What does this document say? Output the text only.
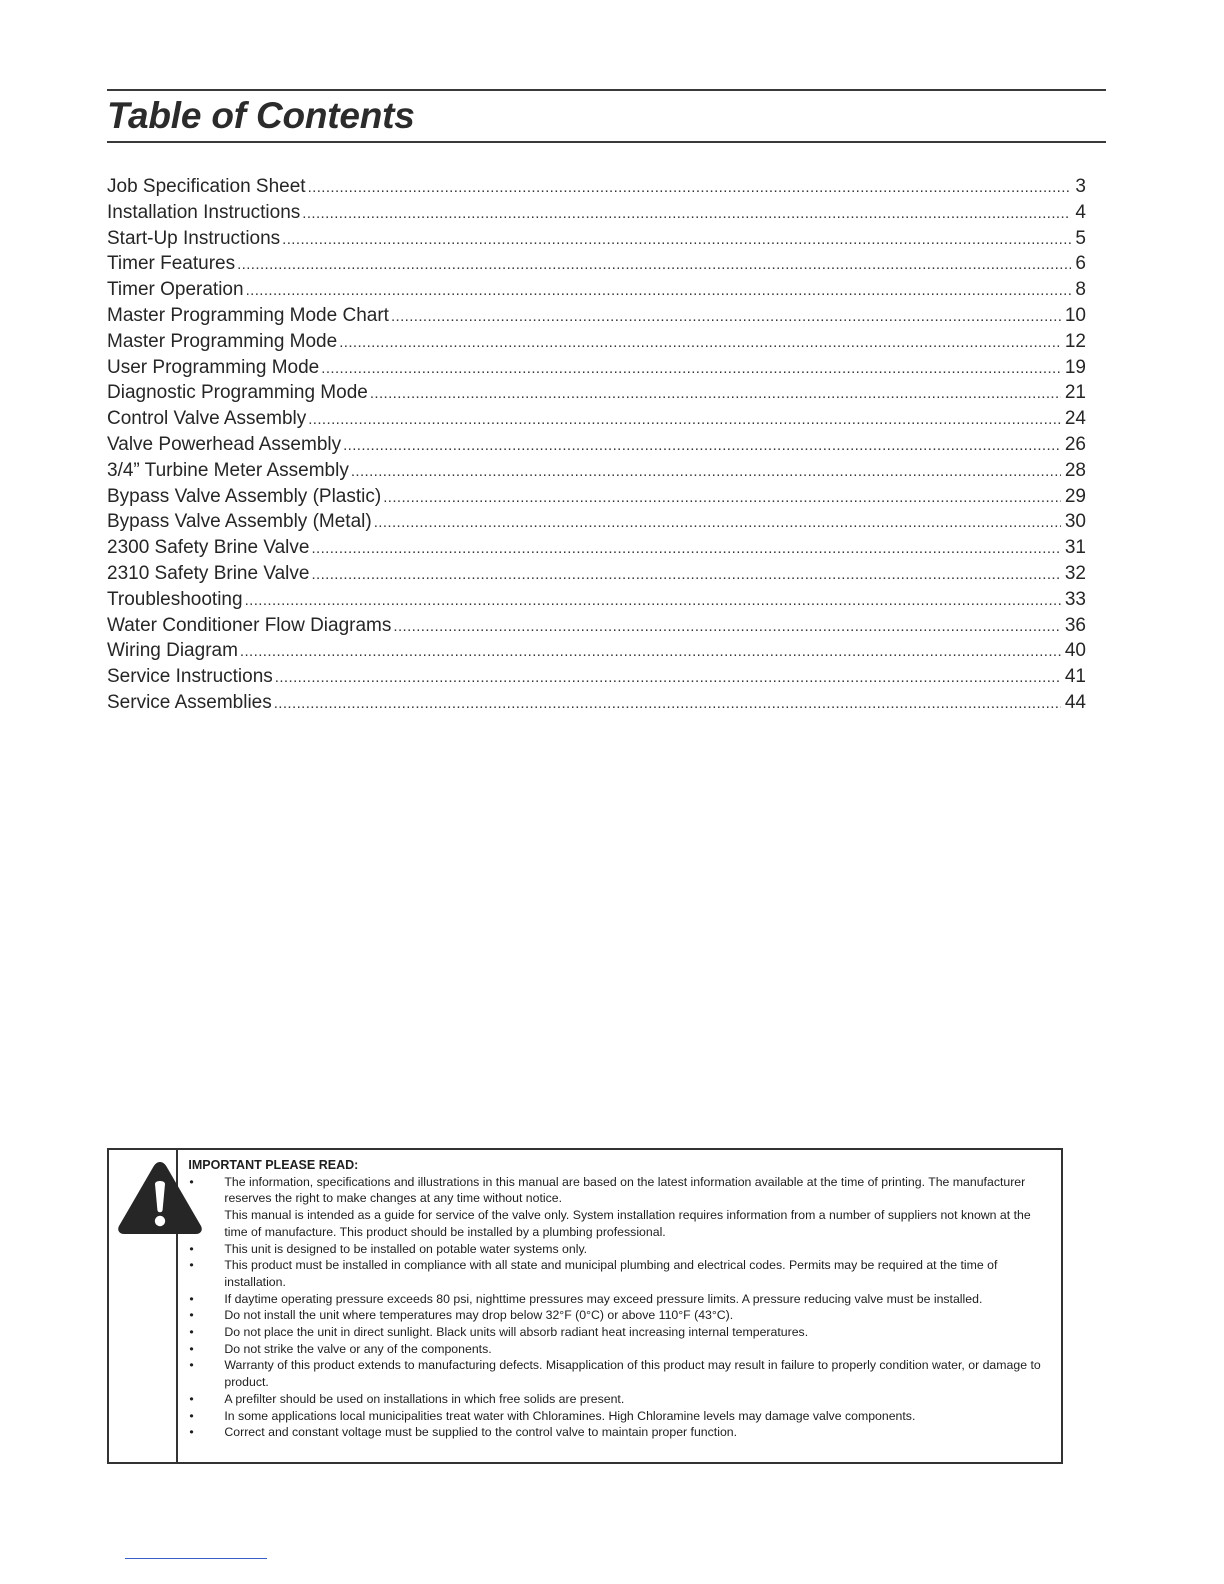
Table of Contents
Job Specification Sheet .....	3
Installation Instructions .....	4
Start-Up Instructions .....	5
Timer Features .....	6
Timer Operation .....	8
Master Programming Mode Chart .....	10
Master Programming Mode .....	12
User Programming Mode .....	19
Diagnostic Programming Mode .....	21
Control Valve Assembly .....	24
Valve Powerhead Assembly .....	26
3/4” Turbine Meter Assembly .....	28
Bypass Valve Assembly (Plastic) .....	29
Bypass Valve Assembly (Metal) .....	30
2300 Safety Brine Valve .....	31
2310 Safety Brine Valve .....	32
Troubleshooting .....	33
Water Conditioner Flow Diagrams .....	36
Wiring Diagram .....	40
Service Instructions .....	41
Service Assemblies .....	44

IMPORTANT PLEASE READ:

•	The information, specifications and illustrations in this manual are based on the latest information available at the time of printing. The manufacturer reserves the right to make changes at any time without notice.
This manual is intended as a guide for service of the valve only. System installation requires information from a number of suppliers not known at the time of manufacture. This product should be installed by a plumbing professional.
•	This unit is designed to be installed on potable water systems only.
•	This product must be installed in compliance with all state and municipal plumbing and electrical codes. Permits may be required at the time of installation.
•	If daytime operating pressure exceeds 80 psi, nighttime pressures may exceed pressure limits. A pressure reducing valve must be installed.
•	Do not install the unit where temperatures may drop below 32°F (0°C) or above 110°F (43°C).
•	Do not place the unit in direct sunlight. Black units will absorb radiant heat increasing internal temperatures.
•	Do not strike the valve or any of the components.
•	Warranty of this product extends to manufacturing defects. Misapplication of this product may result in failure to properly condition water, or damage to product.
•	A prefilter should be used on installations in which free solids are present.
•	In some applications local municipalities treat water with Chloramines. High Chloramine levels may damage valve components.
•	Correct and constant voltage must be supplied to the control valve to maintain proper function.
